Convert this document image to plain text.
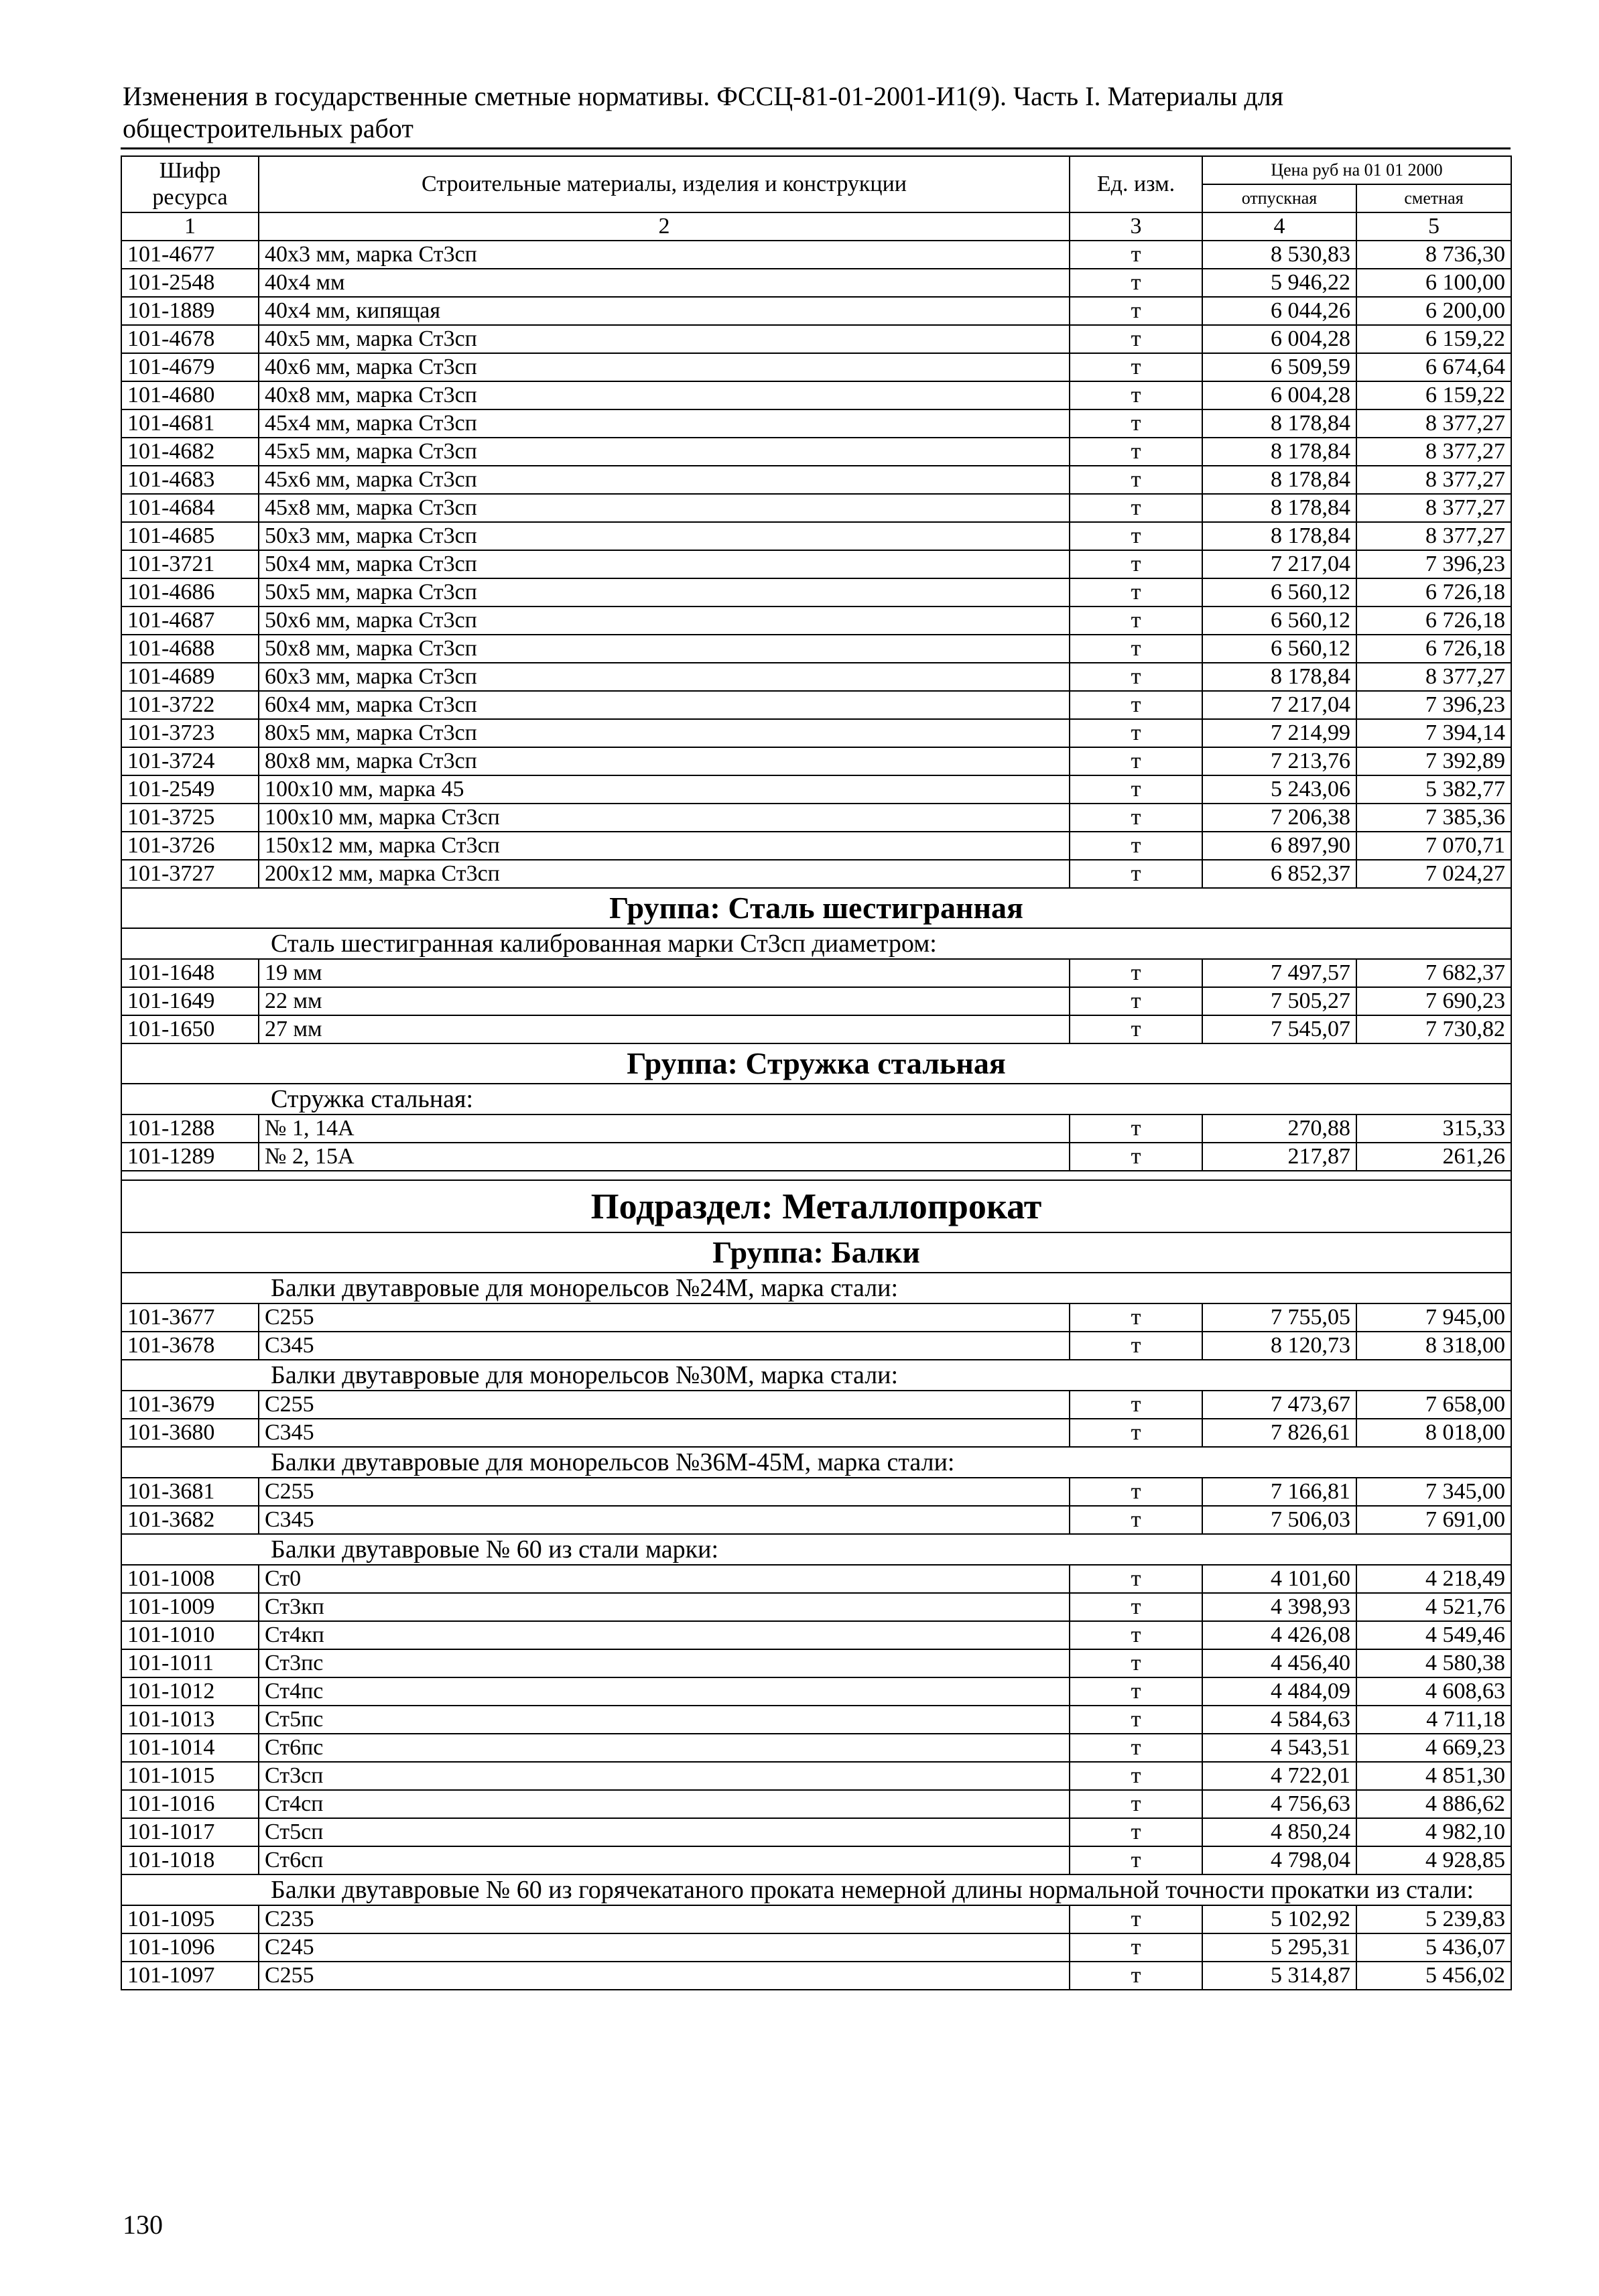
Изменения в государственные сметные нормативы. ФССЦ-81-01-2001-И1(9). Часть I. Материалы для общестроительных работ
Шифр ресурса	Строительные материалы, изделия и конструкции	Ед. изм.	Цена руб на 01 01 2000	
			отпускная	сметная
1	2	3	4	5
101-4677	40х3 мм, марка Ст3сп	т	8 530,83	8 736,30
101-2548	40х4 мм	т	5 946,22	6 100,00
101-1889	40х4 мм, кипящая	т	6 044,26	6 200,00
101-4678	40х5 мм, марка Ст3сп	т	6 004,28	6 159,22
101-4679	40х6 мм, марка Ст3сп	т	6 509,59	6 674,64
101-4680	40х8 мм, марка Ст3сп	т	6 004,28	6 159,22
101-4681	45х4 мм, марка Ст3сп	т	8 178,84	8 377,27
101-4682	45х5 мм, марка Ст3сп	т	8 178,84	8 377,27
101-4683	45х6 мм, марка Ст3сп	т	8 178,84	8 377,27
101-4684	45х8 мм, марка Ст3сп	т	8 178,84	8 377,27
101-4685	50х3 мм, марка Ст3сп	т	8 178,84	8 377,27
101-3721	50х4 мм, марка Ст3сп	т	7 217,04	7 396,23
101-4686	50х5 мм, марка Ст3сп	т	6 560,12	6 726,18
101-4687	50х6 мм, марка Ст3сп	т	6 560,12	6 726,18
101-4688	50х8 мм, марка Ст3сп	т	6 560,12	6 726,18
101-4689	60х3 мм, марка Ст3сп	т	8 178,84	8 377,27
101-3722	60х4 мм, марка Ст3сп	т	7 217,04	7 396,23
101-3723	80х5 мм, марка Ст3сп	т	7 214,99	7 394,14
101-3724	80х8 мм, марка Ст3сп	т	7 213,76	7 392,89
101-2549	100х10 мм, марка 45	т	5 243,06	5 382,77
101-3725	100х10 мм, марка Ст3сп	т	7 206,38	7 385,36
101-3726	150х12 мм, марка Ст3сп	т	6 897,90	7 070,71
101-3727	200х12 мм, марка Ст3сп	т	6 852,37	7 024,27
Группа: Сталь шестигранная				
Сталь шестигранная калиброванная марки Ст3сп диаметром:				
101-1648	19 мм	т	7 497,57	7 682,37
101-1649	22 мм	т	7 505,27	7 690,23
101-1650	27 мм	т	7 545,07	7 730,82
Группа: Стружка стальная				
Стружка стальная:				
101-1288	№ 1, 14А	т	270,88	315,33
101-1289	№ 2, 15А	т	217,87	261,26

Подраздел: Металлопрокат				
Группа: Балки				
Балки двутавровые для монорельсов №24М, марка стали:				
101-3677	С255	т	7 755,05	7 945,00
101-3678	С345	т	8 120,73	8 318,00
Балки двутавровые для монорельсов №30М, марка стали:				
101-3679	С255	т	7 473,67	7 658,00
101-3680	С345	т	7 826,61	8 018,00
Балки двутавровые для монорельсов №36М-45М, марка стали:				
101-3681	С255	т	7 166,81	7 345,00
101-3682	С345	т	7 506,03	7 691,00
Балки двутавровые № 60 из стали марки:				
101-1008	Ст0	т	4 101,60	4 218,49
101-1009	Ст3кп	т	4 398,93	4 521,76
101-1010	Ст4кп	т	4 426,08	4 549,46
101-1011	Ст3пс	т	4 456,40	4 580,38
101-1012	Ст4пс	т	4 484,09	4 608,63
101-1013	Ст5пс	т	4 584,63	4 711,18
101-1014	Ст6пс	т	4 543,51	4 669,23
101-1015	Ст3сп	т	4 722,01	4 851,30
101-1016	Ст4сп	т	4 756,63	4 886,62
101-1017	Ст5сп	т	4 850,24	4 982,10
101-1018	Ст6сп	т	4 798,04	4 928,85
Балки двутавровые № 60 из горячекатаного проката немерной длины нормальной точности прокатки из стали:				
101-1095	С235	т	5 102,92	5 239,83
101-1096	С245	т	5 295,31	5 436,07
101-1097	С255	т	5 314,87	5 456,02
130
